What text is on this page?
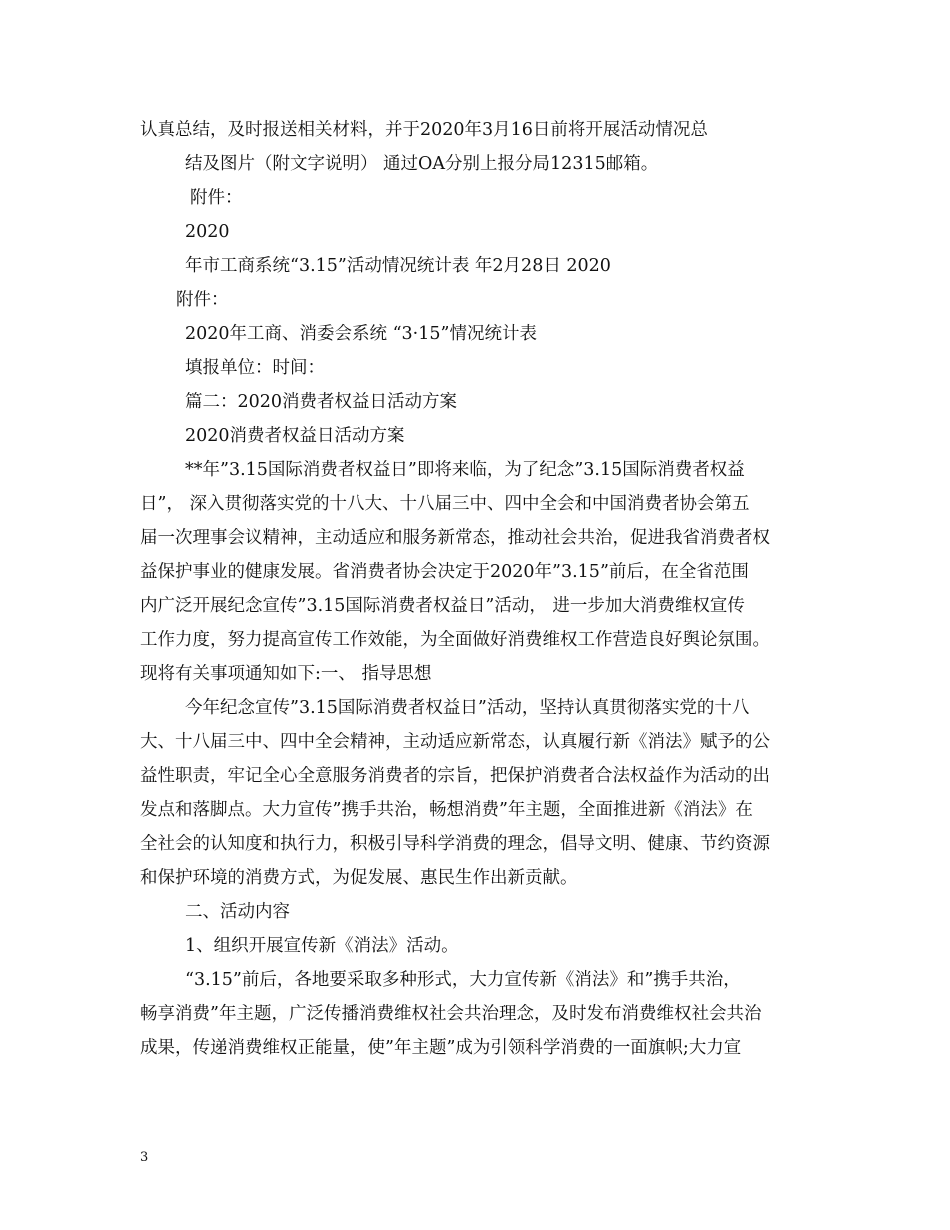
认真总结，及时报送相关材料，并于2020年3月16日前将开展活动情况总

结及图片（附文字说明） 通过OA分别上报分局12315邮箱。

附件：

2020

年市工商系统“3.15”活动情况统计表 年2月28日 2020

附件：

2020年工商、消委会系统 “3·15”情况统计表

填报单位：时间：

篇二：2020消费者权益日活动方案

2020消费者权益日活动方案

**年”3.15国际消费者权益日”即将来临，为了纪念”3.15国际消费者权益

日”， 深入贯彻落实党的十八大、十八届三中、四中全会和中国消费者协会第五

届一次理事会议精神，主动适应和服务新常态，推动社会共治，促进我省消费者权

益保护事业的健康发展。省消费者协会决定于2020年”3.15”前后，在全省范围

内广泛开展纪念宣传”3.15国际消费者权益日”活动， 进一步加大消费维权宣传

工作力度，努力提高宣传工作效能，为全面做好消费维权工作营造良好舆论氛围。

现将有关事项通知如下:一、 指导思想

今年纪念宣传”3.15国际消费者权益日”活动，坚持认真贯彻落实党的十八

大、十八届三中、四中全会精神，主动适应新常态，认真履行新《消法》赋予的公

益性职责，牢记全心全意服务消费者的宗旨，把保护消费者合法权益作为活动的出

发点和落脚点。大力宣传”携手共治，畅想消费”年主题，全面推进新《消法》在

全社会的认知度和执行力，积极引导科学消费的理念，倡导文明、健康、节约资源

和保护环境的消费方式，为促发展、惠民生作出新贡献。

二、活动内容

1、组织开展宣传新《消法》活动。

“3.15”前后，各地要采取多种形式，大力宣传新《消法》和”携手共治，

畅享消费”年主题，广泛传播消费维权社会共治理念，及时发布消费维权社会共治

成果，传递消费维权正能量，使”年主题”成为引领科学消费的一面旗帜;大力宣

3
